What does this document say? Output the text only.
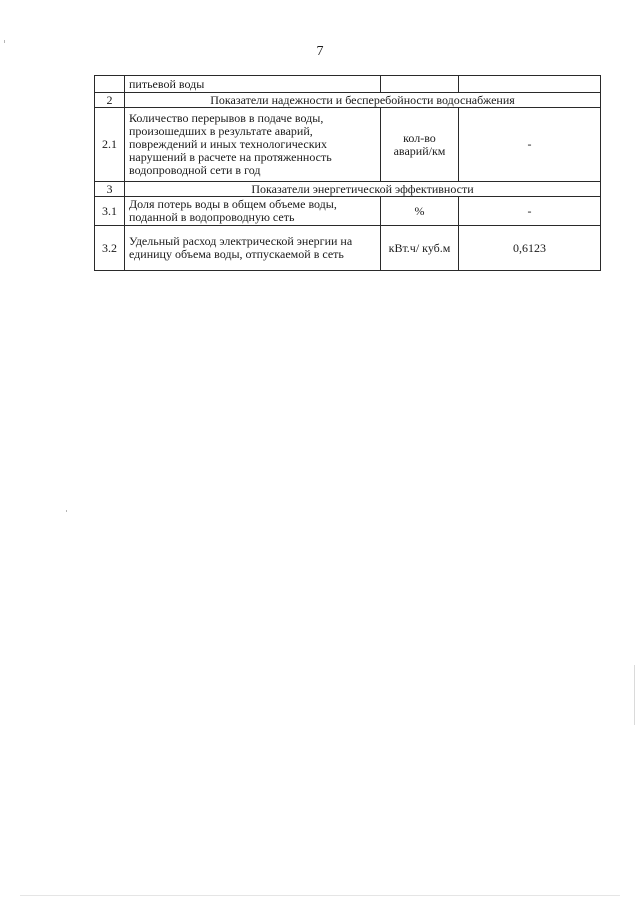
7
	питьевой воды		
2	Показатели надежности и бесперебойности водоснабжения		
2.1	Количество перерывов в подаче воды, произошедших в результате аварий, повреждений и иных технологических нарушений в расчете на протяженность водопроводной сети в год	кол-во аварий/км	-
3	Показатели энергетической эффективности		
3.1	Доля потерь воды в общем объеме воды, поданной в водопроводную сеть	%	-
3.2	Удельный расход электрической энергии на единицу объема воды, отпускаемой в сеть	кВт.ч/ куб.м	0,6123
